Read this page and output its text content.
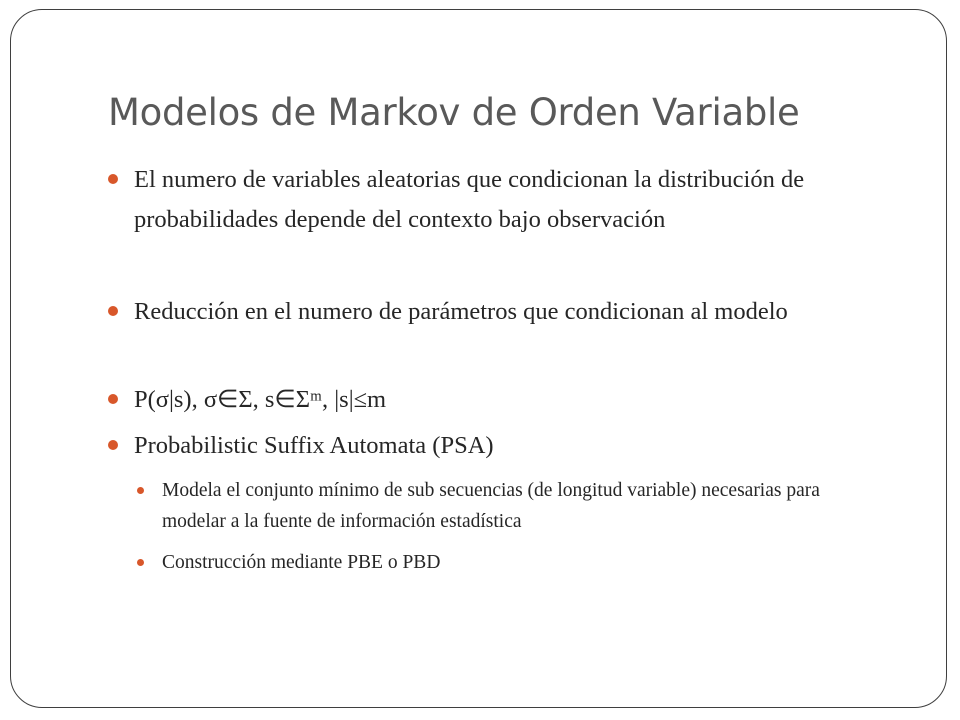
Modelos de Markov de Orden Variable
El numero de variables aleatorias que condicionan la distribución de probabilidades depende del contexto bajo observación
Reducción en el numero de parámetros que condicionan al modelo
P(σ|s), σ∈Σ, s∈Σᵐ, |s|≤m
Probabilistic Suffix Automata (PSA)
Modela el conjunto mínimo de sub secuencias (de longitud variable) necesarias para modelar a la fuente de información estadística
Construcción mediante PBE o PBD
